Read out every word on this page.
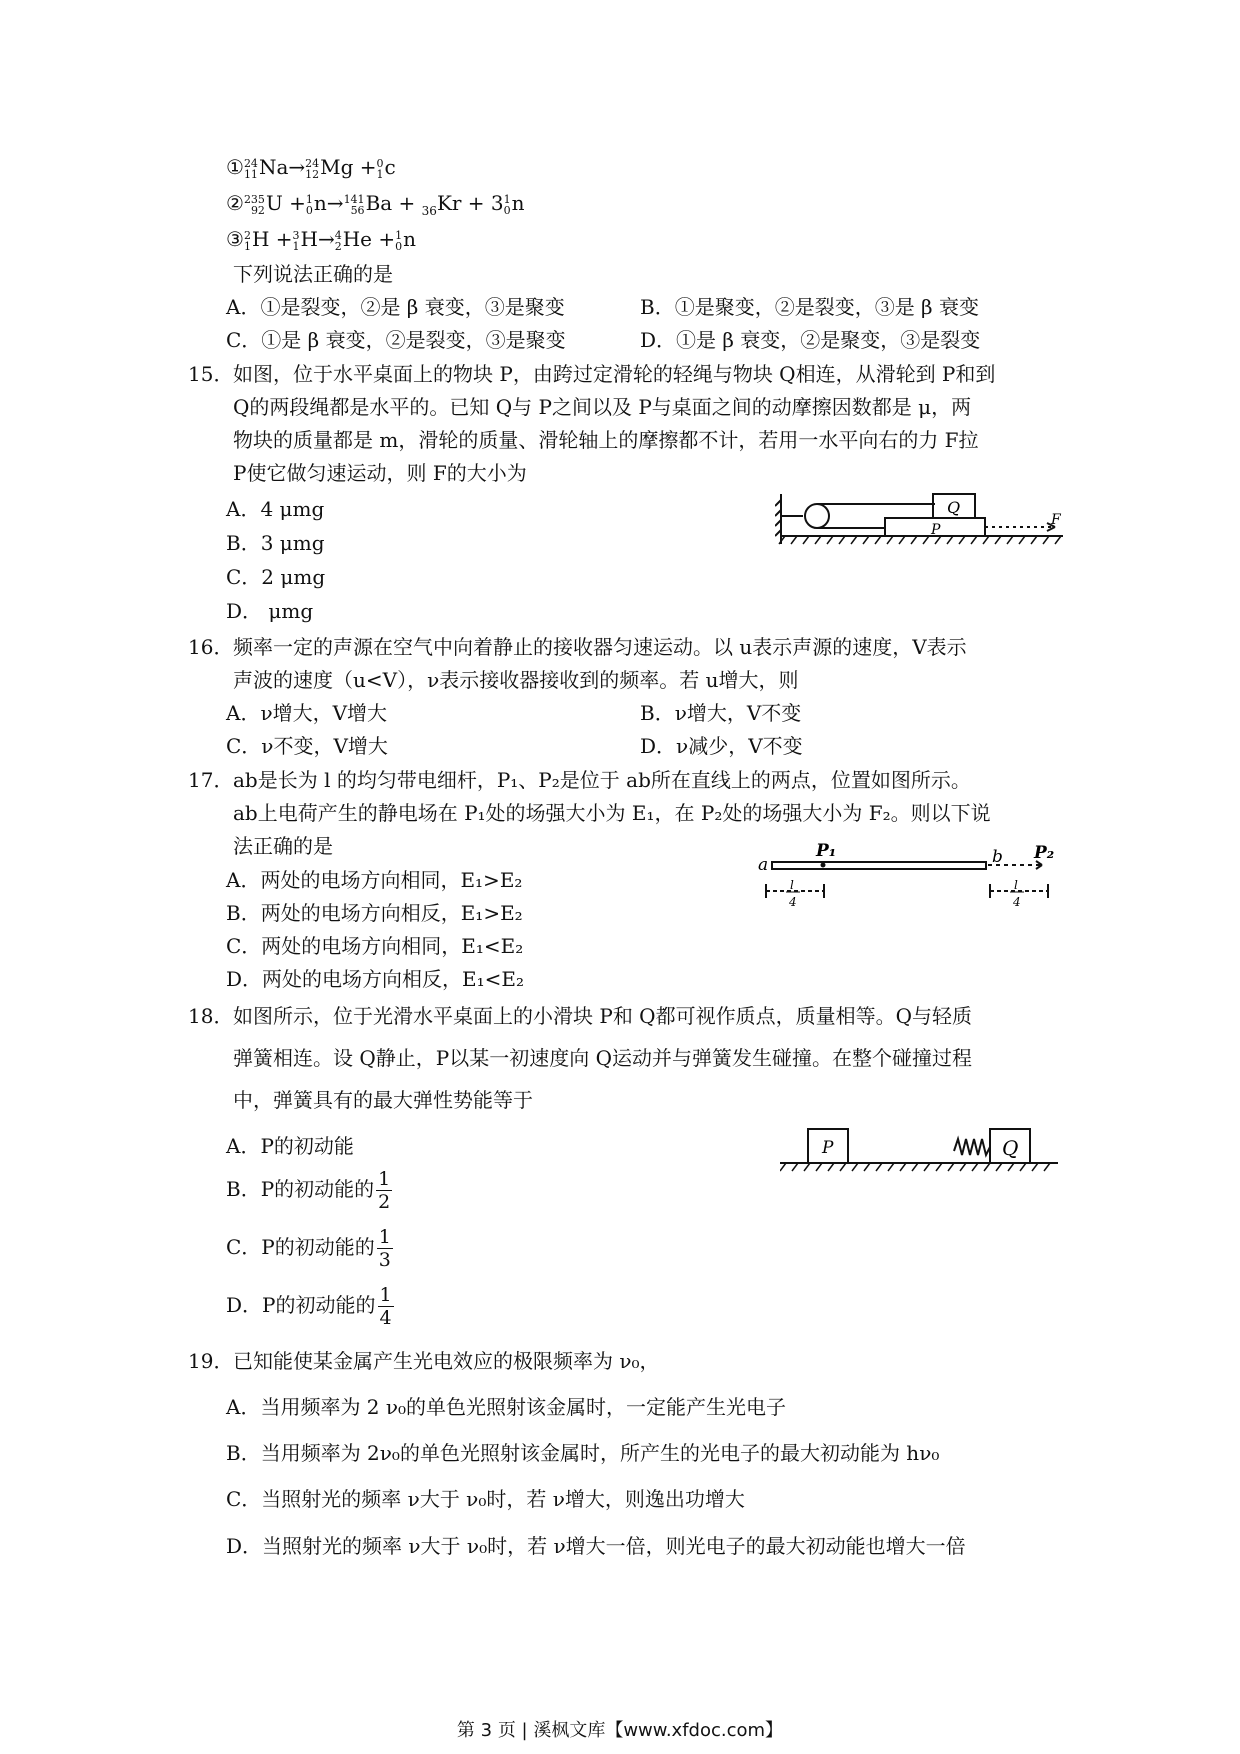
① 24
11 Na→ 24
12 Mg + 0
1 c
② 235
92 U + 1
0 n→ 141
56 Ba + $_{36}$Kr + 3 1
0 n
③ 2
1 H + 3
1 H→ 4
2 He + 1
0 n
下列说法正确的是
A．①是裂变，②是 β 衰变，③是聚变	B．①是聚变，②是裂变，③是 β 衰变
C．①是 β 衰变，②是裂变，③是聚变	D．①是 β 衰变，②是聚变，③是裂变
15． 如图，位于水平桌面上的物块 P，由跨过定滑轮的轻绳与物块 Q相连，从滑轮到 P和到
Q的两段绳都是水平的。已知 Q与 P之间以及 P与桌面之间的动摩擦因数都是 μ，两
物块的质量都是 m，滑轮的质量、滑轮轴上的摩擦都不计，若用一水平向右的力 F拉
P使它做匀速运动，则 F的大小为
A．4 μmg
B．3 μmg
C．2 μmg
D． μmg
Q
P
F
16． 频率一定的声源在空气中向着静止的接收器匀速运动。以 u表示声源的速度，V表示
声波的速度（u<V），ν表示接收器接收到的频率。若 u增大，则
A．ν增大，V增大	B．ν增大，V不变
C．ν不变，V增大	D．ν减少，V不变
17． ab是长为 l 的均匀带电细杆，P₁、P₂是位于 ab所在直线上的两点，位置如图所示。
ab上电荷产生的静电场在 P₁处的场强大小为 E₁，在 P₂处的场强大小为 F₂。则以下说
法正确的是
A．两处的电场方向相同，E₁>E₂
B．两处的电场方向相反，E₁>E₂
C．两处的电场方向相同，E₁<E₂
D．两处的电场方向相反，E₁<E₂
a	b
P₁	P₂
l
4
l
4
18． 如图所示，位于光滑水平桌面上的小滑块 P和 Q都可视作质点，质量相等。Q与轻质
弹簧相连。设 Q静止，P以某一初速度向 Q运动并与弹簧发生碰撞。在整个碰撞过程
中，弹簧具有的最大弹性势能等于
A．P的初动能
B．P的初动能的 $\frac{1}{2}$
C．P的初动能的 $\frac{1}{3}$
D．P的初动能的 $\frac{1}{4}$
P	Q
19． 已知能使某金属产生光电效应的极限频率为 ν₀，
A．当用频率为 2 ν₀的单色光照射该金属时，一定能产生光电子
B．当用频率为 2ν₀的单色光照射该金属时，所产生的光电子的最大初动能为 hν₀
C．当照射光的频率 ν大于 ν₀时，若 ν增大，则逸出功增大
D．当照射光的频率 ν大于 ν₀时，若 ν增大一倍，则光电子的最大初动能也增大一倍
第 3 页 | 溪枫文库【www.xfdoc.com】
